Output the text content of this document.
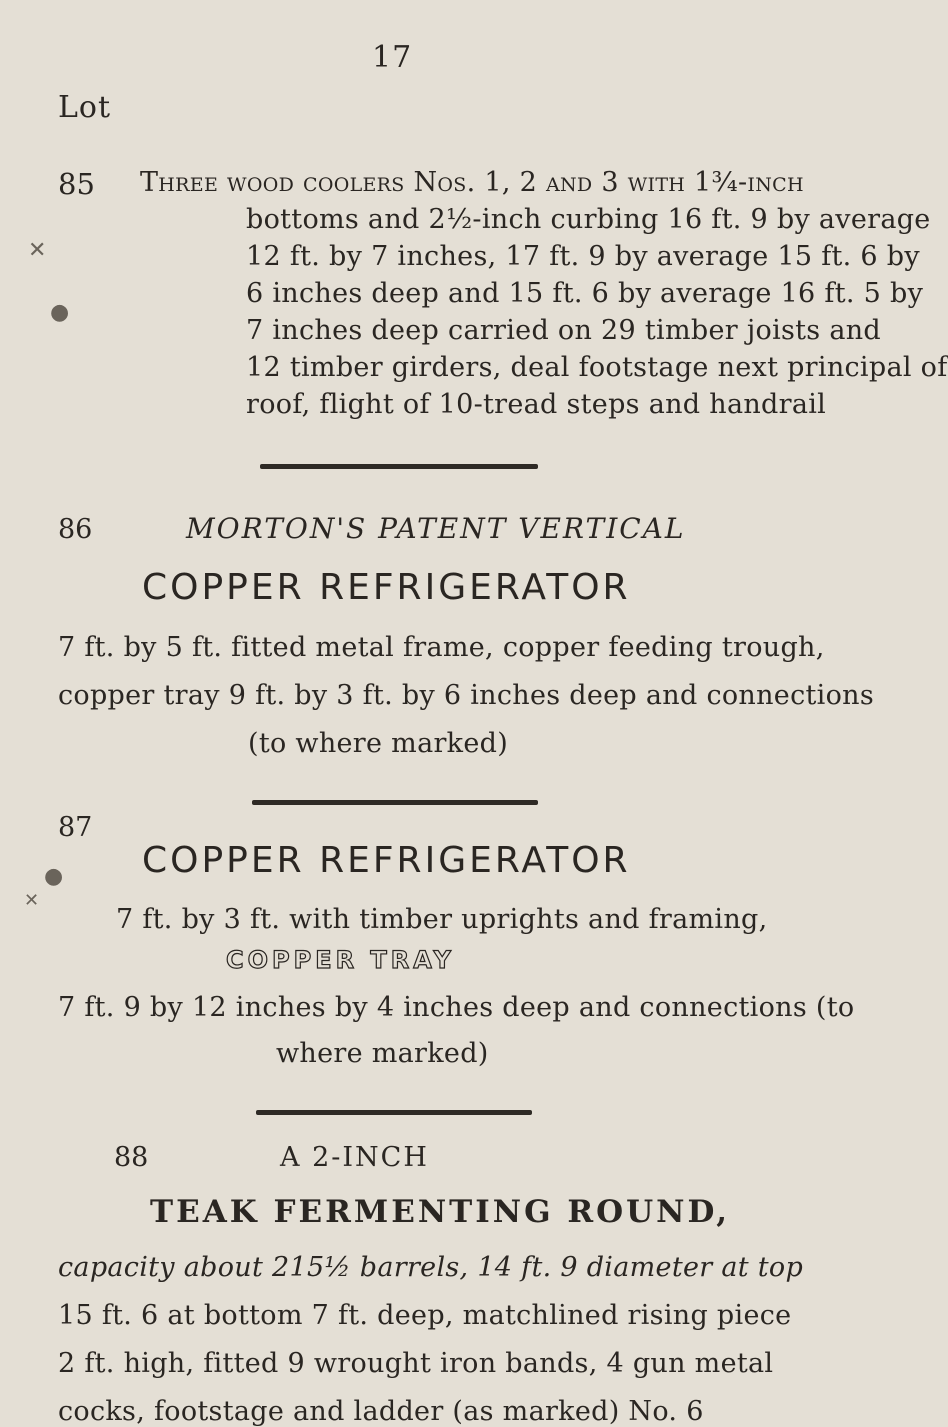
17
Lot
✕
●
●
✕
85 Three wood coolers Nos. 1, 2 and 3 with 1¾-inch
bottoms and 2½-inch curbing 16 ft. 9 by average
12 ft. by 7 inches, 17 ft. 9 by average 15 ft. 6 by
6 inches deep and 15 ft. 6 by average 16 ft. 5 by
7 inches deep carried on 29 timber joists and
12 timber girders, deal footstage next principal of
roof, flight of 10-tread steps and handrail
86	MORTON'S PATENT VERTICAL
COPPER REFRIGERATOR
7 ft. by 5 ft. fitted metal frame, copper feeding trough,
copper tray 9 ft. by 3 ft. by 6 inches deep and connections
(to where marked)
87
COPPER REFRIGERATOR
7 ft. by 3 ft. with timber uprights and framing,
COPPER TRAY
7 ft. 9 by 12 inches by 4 inches deep and connections (to
where marked)
88	A 2-INCH
TEAK FERMENTING ROUND,
capacity about 215½ barrels, 14 ft. 9 diameter at top
15 ft. 6 at bottom 7 ft. deep, matchlined rising piece
2 ft. high, fitted 9 wrought iron bands, 4 gun metal
cocks, footstage and ladder (as marked) No. 6
